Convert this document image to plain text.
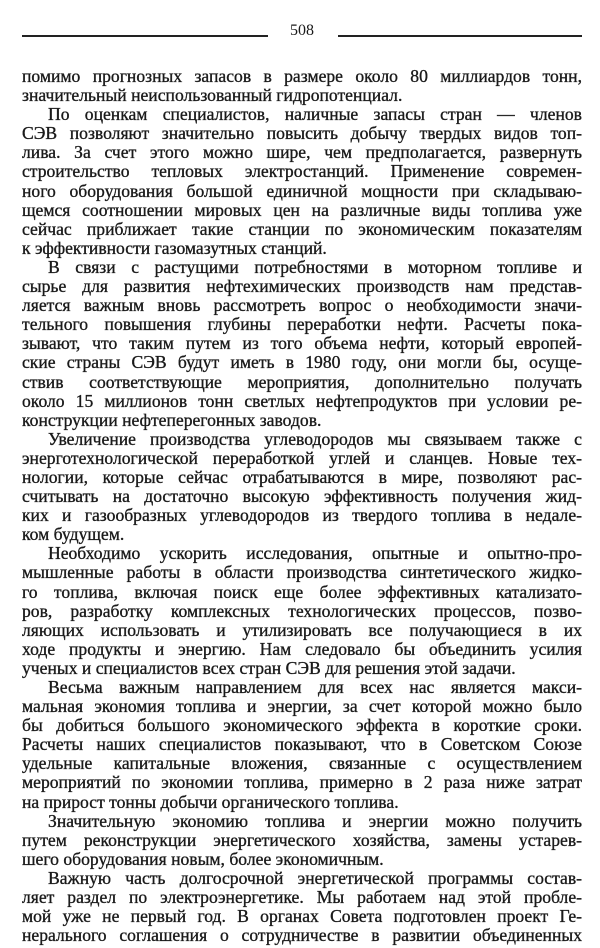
508
помимо прогнозных запасов в размере около 80 миллиардов тонн,
значительный неиспользованный гидропотенциал.
По оценкам специалистов, наличные запасы стран — членов
СЭВ позволяют значительно повысить добычу твердых видов топ-
лива. За счет этого можно шире, чем предполагается, развернуть
строительство тепловых электростанций. Применение современ-
ного оборудования большой единичной мощности при складываю-
щемся соотношении мировых цен на различные виды топлива уже
сейчас приближает такие станции по экономическим показателям
к эффективности газомазутных станций.
В связи с растущими потребностями в моторном топливе и
сырье для развития нефтехимических производств нам представ-
ляется важным вновь рассмотреть вопрос о необходимости значи-
тельного повышения глубины переработки нефти. Расчеты пока-
зывают, что таким путем из того объема нефти, который европей-
ские страны СЭВ будут иметь в 1980 году, они могли бы, осуще-
ствив соответствующие мероприятия, дополнительно получать
около 15 миллионов тонн светлых нефтепродуктов при условии ре-
конструкции нефтеперегонных заводов.
Увеличение производства углеводородов мы связываем также с
энерготехнологической переработкой углей и сланцев. Новые тех-
нологии, которые сейчас отрабатываются в мире, позволяют рас-
считывать на достаточно высокую эффективность получения жид-
ких и газообразных углеводородов из твердого топлива в недале-
ком будущем.
Необходимо ускорить исследования, опытные и опытно-про-
мышленные работы в области производства синтетического жидко-
го топлива, включая поиск еще более эффективных катализато-
ров, разработку комплексных технологических процессов, позво-
ляющих использовать и утилизировать все получающиеся в их
ходе продукты и энергию. Нам следовало бы объединить усилия
ученых и специалистов всех стран СЭВ для решения этой задачи.
Весьма важным направлением для всех нас является макси-
мальная экономия топлива и энергии, за счет которой можно было
бы добиться большого экономического эффекта в короткие сроки.
Расчеты наших специалистов показывают, что в Советском Союзе
удельные капитальные вложения, связанные с осуществлением
мероприятий по экономии топлива, примерно в 2 раза ниже затрат
на прирост тонны добычи органического топлива.
Значительную экономию топлива и энергии можно получить
путем реконструкции энергетического хозяйства, замены устарев-
шего оборудования новым, более экономичным.
Важную часть долгосрочной энергетической программы состав-
ляет раздел по электроэнергетике. Мы работаем над этой пробле-
мой уже не первый год. В органах Совета подготовлен проект Ге-
нерального соглашения о сотрудничестве в развитии объединенных
